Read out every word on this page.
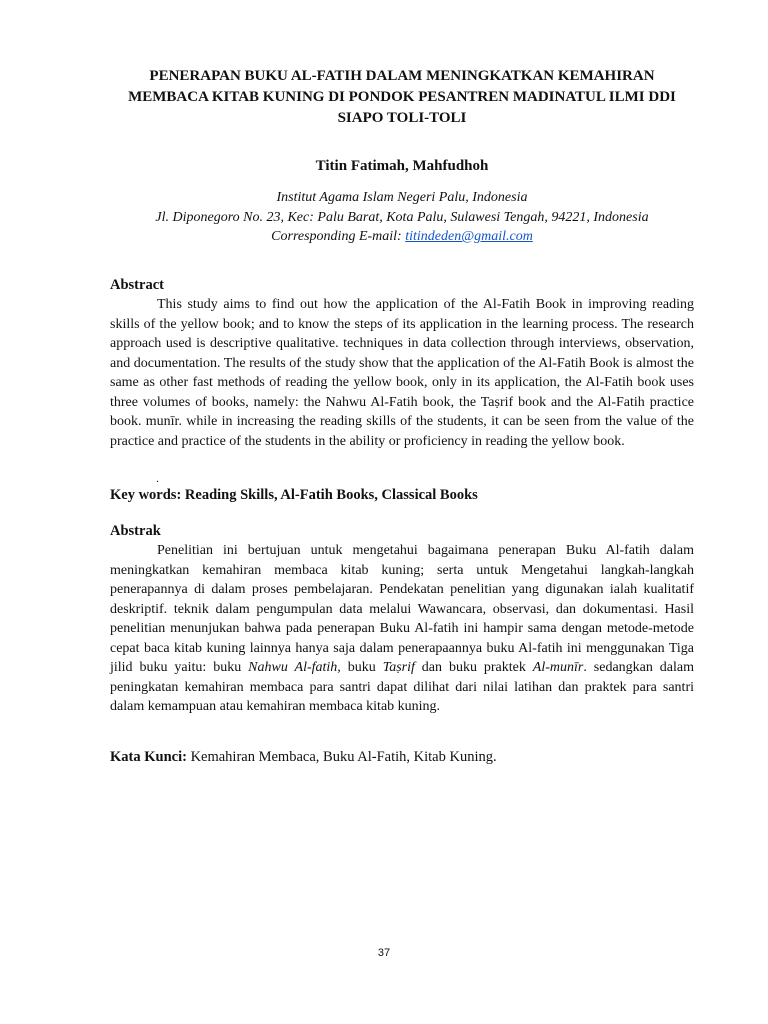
PENERAPAN BUKU AL-FATIH DALAM MENINGKATKAN KEMAHIRAN
MEMBACA KITAB KUNING DI PONDOK PESANTREN MADINATUL ILMI DDI
SIAPO TOLI-TOLI
Titin Fatimah, Mahfudhoh
Institut Agama Islam Negeri Palu, Indonesia
Jl. Diponegoro No. 23, Kec: Palu Barat, Kota Palu, Sulawesi Tengah, 94221, Indonesia
Corresponding E-mail: titindeden@gmail.com
Abstract

This study aims to find out how the application of the Al-Fatih Book in improving reading skills of the yellow book; and to know the steps of its application in the learning process. The research approach used is descriptive qualitative. techniques in data collection through interviews, observation, and documentation. The results of the study show that the application of the Al-Fatih Book is almost the same as other fast methods of reading the yellow book, only in its application, the Al-Fatih book uses three volumes of books, namely: the Nahwu Al-Fatih book, the Taṣrif book and the Al-Fatih practice book. munīr. while in increasing the reading skills of the students, it can be seen from the value of the practice and practice of the students in the ability or proficiency in reading the yellow book.

.
Key words: Reading Skills, Al-Fatih Books, Classical Books
Abstrak

Penelitian ini bertujuan untuk mengetahui bagaimana penerapan Buku Al-fatih dalam meningkatkan kemahiran membaca kitab kuning; serta untuk Mengetahui langkah-langkah penerapannya di dalam proses pembelajaran. Pendekatan penelitian yang digunakan ialah kualitatif deskriptif. teknik dalam pengumpulan data melalui Wawancara, observasi, dan dokumentasi. Hasil penelitian menunjukan bahwa pada penerapan Buku Al-fatih ini hampir sama dengan metode-metode cepat baca kitab kuning lainnya hanya saja dalam penerapaannya buku Al-fatih ini menggunakan Tiga jilid buku yaitu: buku Nahwu Al-fatih, buku Taṣrif dan buku praktek Al-munīr. sedangkan dalam peningkatan kemahiran membaca para santri dapat dilihat dari nilai latihan dan praktek para santri dalam kemampuan atau kemahiran membaca kitab kuning.

Kata Kunci: Kemahiran Membaca, Buku Al-Fatih, Kitab Kuning.
37
